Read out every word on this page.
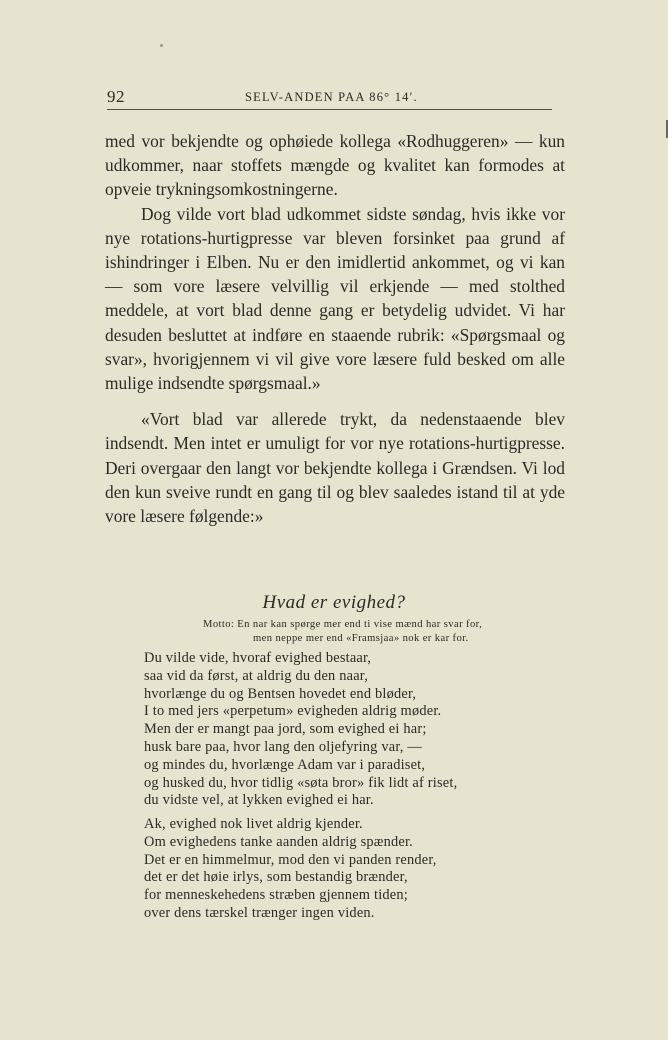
92	SELV-ANDEN PAA 86° 14′.

med vor bekjendte og ophøiede kollega «Rodhuggeren» — kun udkommer, naar stoffets mængde og kvalitet kan formodes at opveie trykningsomkostningerne.

Dog vilde vort blad udkommet sidste søndag, hvis ikke vor nye rotations-hurtigpresse var bleven forsinket paa grund af ishindringer i Elben. Nu er den imidlertid ankommet, og vi kan — som vore læsere velvillig vil erkjende — med stolthed meddele, at vort blad denne gang er betydelig udvidet. Vi har desuden besluttet at indføre en staaende rubrik: «Spørgsmaal og svar», hvorigjennem vi vil give vore læsere fuld besked om alle mulige indsendte spørgsmaal.»

«Vort blad var allerede trykt, da nedenstaaende blev indsendt. Men intet er umuligt for vor nye rotations-hurtigpresse. Deri overgaar den langt vor bekjendte kollega i Grændsen. Vi lod den kun sveive rundt en gang til og blev saaledes istand til at yde vore læsere følgende:»

Hvad er evighed?
Motto: En nar kan spørge mer end ti vise mænd har svar for,
men neppe mer end «Framsjaa» nok er kar for.
Du vilde vide, hvoraf evighed bestaar,
saa vid da først, at aldrig du den naar,
hvorlænge du og Bentsen hovedet end bløder,
I to med jers «perpetum» evigheden aldrig møder.
Men der er mangt paa jord, som evighed ei har;
husk bare paa, hvor lang den oljefyring var, —
og mindes du, hvorlænge Adam var i paradiset,
og husked du, hvor tidlig «søta bror» fik lidt af riset,
du vidste vel, at lykken evighed ei har.
Ak, evighed nok livet aldrig kjender.
Om evighedens tanke aanden aldrig spænder.
Det er en himmelmur, mod den vi panden render,
det er det høie irlys, som bestandig brænder,
for menneskehedens stræben gjennem tiden;
over dens tærskel trænger ingen viden.
